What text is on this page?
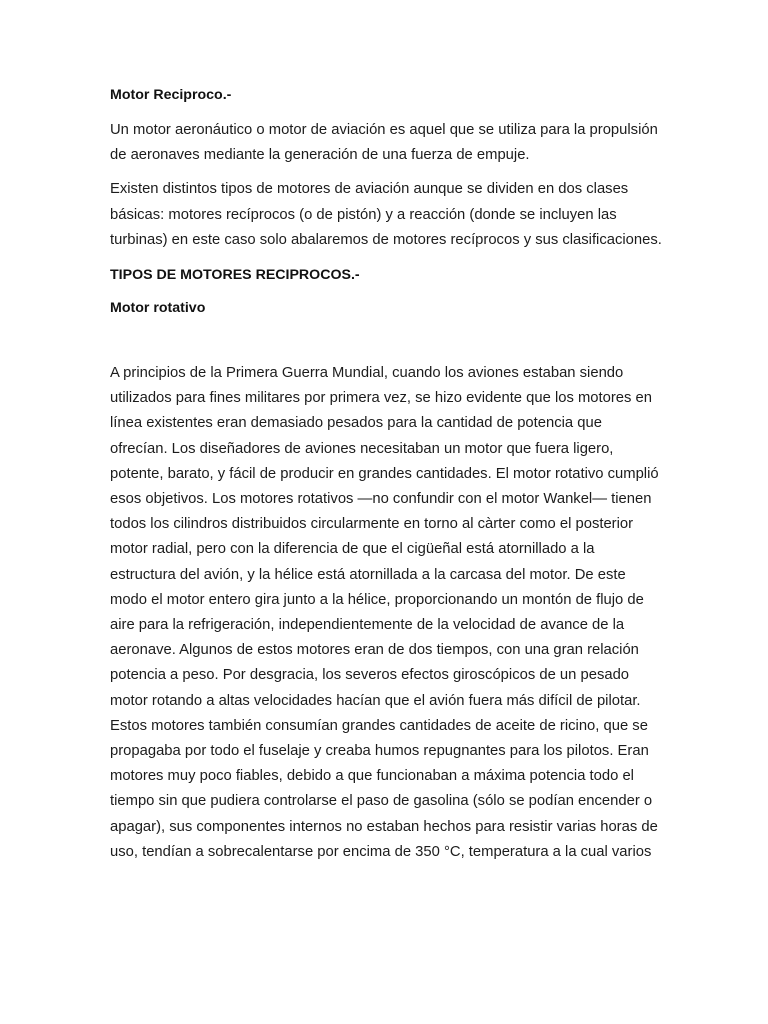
Motor Reciproco.-

Un motor aeronáutico o motor de aviación es aquel que se utiliza para la propulsión de aeronaves mediante la generación de una fuerza de empuje.

Existen distintos tipos de motores de aviación aunque se dividen en dos clases básicas: motores recíprocos (o de pistón) y a reacción (donde se incluyen las turbinas) en este caso solo abalaremos de motores recíprocos y sus clasificaciones.

TIPOS DE MOTORES RECIPROCOS.-

Motor rotativo

A principios de la Primera Guerra Mundial, cuando los aviones estaban siendo utilizados para fines militares por primera vez, se hizo evidente que los motores en línea existentes eran demasiado pesados para la cantidad de potencia que ofrecían. Los diseñadores de aviones necesitaban un motor que fuera ligero, potente, barato, y fácil de producir en grandes cantidades. El motor rotativo cumplió esos objetivos. Los motores rotativos —no confundir con el motor Wankel— tienen todos los cilindros distribuidos circularmente en torno al càrter como el posterior motor radial, pero con la diferencia de que el cigüeñal está atornillado a la estructura del avión, y la hélice está atornillada a la carcasa del motor. De este modo el motor entero gira junto a la hélice, proporcionando un montón de flujo de aire para la refrigeración, independientemente de la velocidad de avance de la aeronave. Algunos de estos motores eran de dos tiempos, con una gran relación potencia a peso. Por desgracia, los severos efectos giroscópicos de un pesado motor rotando a altas velocidades hacían que el avión fuera más difícil de pilotar. Estos motores también consumían grandes cantidades de aceite de ricino, que se propagaba por todo el fuselaje y creaba humos repugnantes para los pilotos. Eran motores muy poco fiables, debido a que funcionaban a máxima potencia todo el tiempo sin que pudiera controlarse el paso de gasolina (sólo se podían encender o apagar), sus componentes internos no estaban hechos para resistir varias horas de uso, tendían a sobrecalentarse por encima de 350 °C, temperatura a la cual varios
